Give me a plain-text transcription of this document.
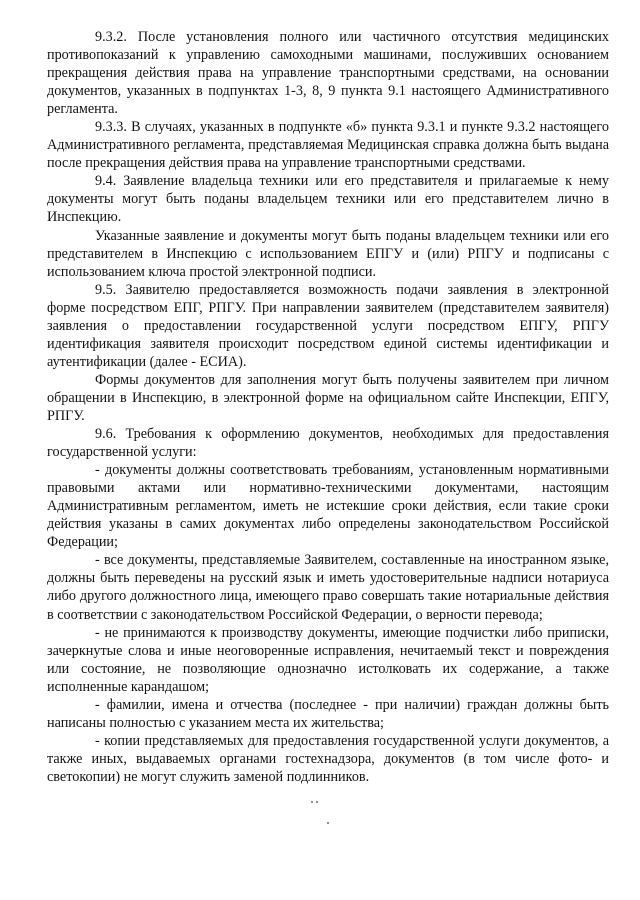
9.3.2. После установления полного или частичного отсутствия медицинских противопоказаний к управлению самоходными машинами, послуживших основанием прекращения действия права на управление транспортными средствами, на основании документов, указанных в подпунктах 1-3, 8, 9 пункта 9.1 настоящего Административного регламента.

9.3.3. В случаях, указанных в подпункте «б» пункта 9.3.1 и пункте 9.3.2 настоящего Административного регламента, представляемая Медицинская справка должна быть выдана после прекращения действия права на управление транспортными средствами.

9.4. Заявление владельца техники или его представителя и прилагаемые к нему документы могут быть поданы владельцем техники или его представителем лично в Инспекцию.

Указанные заявление и документы могут быть поданы владельцем техники или его представителем в Инспекцию с использованием ЕПГУ и (или) РПГУ и подписаны с использованием ключа простой электронной подписи.

9.5. Заявителю предоставляется возможность подачи заявления в электронной форме посредством ЕПГ, РПГУ. При направлении заявителем (представителем заявителя) заявления о предоставлении государственной услуги посредством ЕПГУ, РПГУ идентификация заявителя происходит посредством единой системы идентификации и аутентификации (далее - ЕСИА).

Формы документов для заполнения могут быть получены заявителем при личном обращении в Инспекцию, в электронной форме на официальном сайте Инспекции, ЕПГУ, РПГУ.

9.6. Требования к оформлению документов, необходимых для предоставления государственной услуги:

- документы должны соответствовать требованиям, установленным нормативными правовыми актами или нормативно-техническими документами, настоящим Административным регламентом, иметь не истекшие сроки действия, если такие сроки действия указаны в самих документах либо определены законодательством Российской Федерации;

- все документы, представляемые Заявителем, составленные на иностранном языке, должны быть переведены на русский язык и иметь удостоверительные надписи нотариуса либо другого должностного лица, имеющего право совершать такие нотариальные действия в соответствии с законодательством Российской Федерации, о верности перевода;

- не принимаются к производству документы, имеющие подчистки либо приписки, зачеркнутые слова и иные неоговоренные исправления, нечитаемый текст и повреждения или состояние, не позволяющие однозначно истолковать их содержание, а также исполненные карандашом;

- фамилии, имена и отчества (последнее - при наличии) граждан должны быть написаны полностью с указанием места их жительства;

- копии представляемых для предоставления государственной услуги документов, а также иных, выдаваемых органами гостехнадзора, документов (в том числе фото- и светокопии) не могут служить заменой подлинников.
